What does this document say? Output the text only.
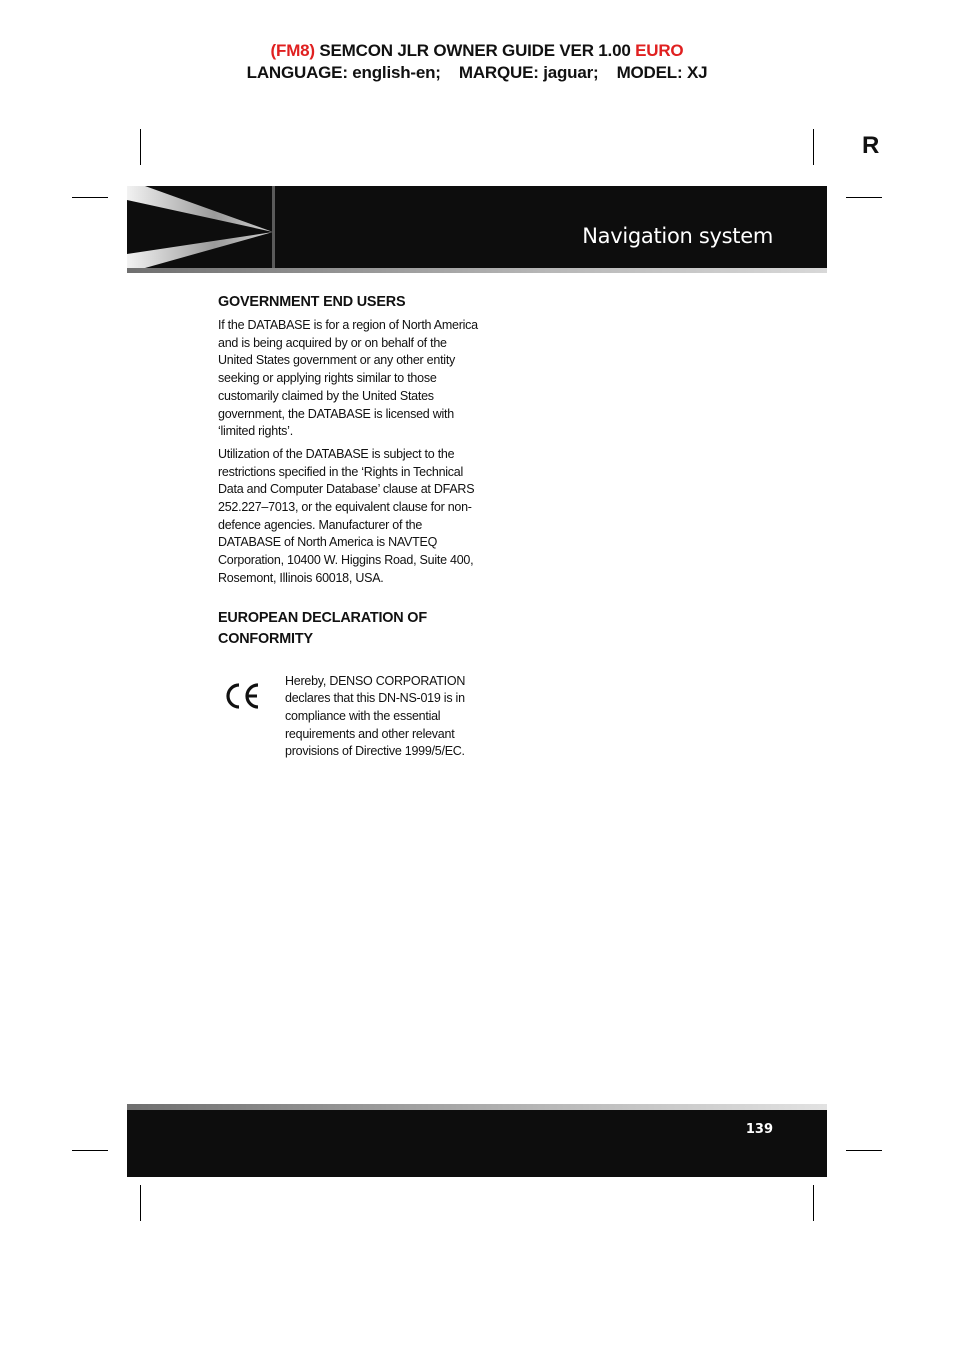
(FM8) SEMCON JLR OWNER GUIDE VER 1.00 EURO
LANGUAGE: english-en;    MARQUE: jaguar;    MODEL: XJ
R
Navigation system
GOVERNMENT END USERS

If the DATABASE is for a region of North America and is being acquired by or on behalf of the United States government or any other entity seeking or applying rights similar to those customarily claimed by the United States government, the DATABASE is licensed with ‘limited rights’.

Utilization of the DATABASE is subject to the restrictions specified in the ‘Rights in Technical Data and Computer Database’ clause at DFARS 252.227–7013, or the equivalent clause for non-defence agencies. Manufacturer of the DATABASE of North America is NAVTEQ Corporation, 10400 W. Higgins Road, Suite 400, Rosemont, Illinois 60018, USA.

EUROPEAN DECLARATION OF CONFORMITY

Hereby, DENSO CORPORATION declares that this DN-NS-019 is in compliance with the essential requirements and other relevant provisions of Directive 1999/5/EC.

139
